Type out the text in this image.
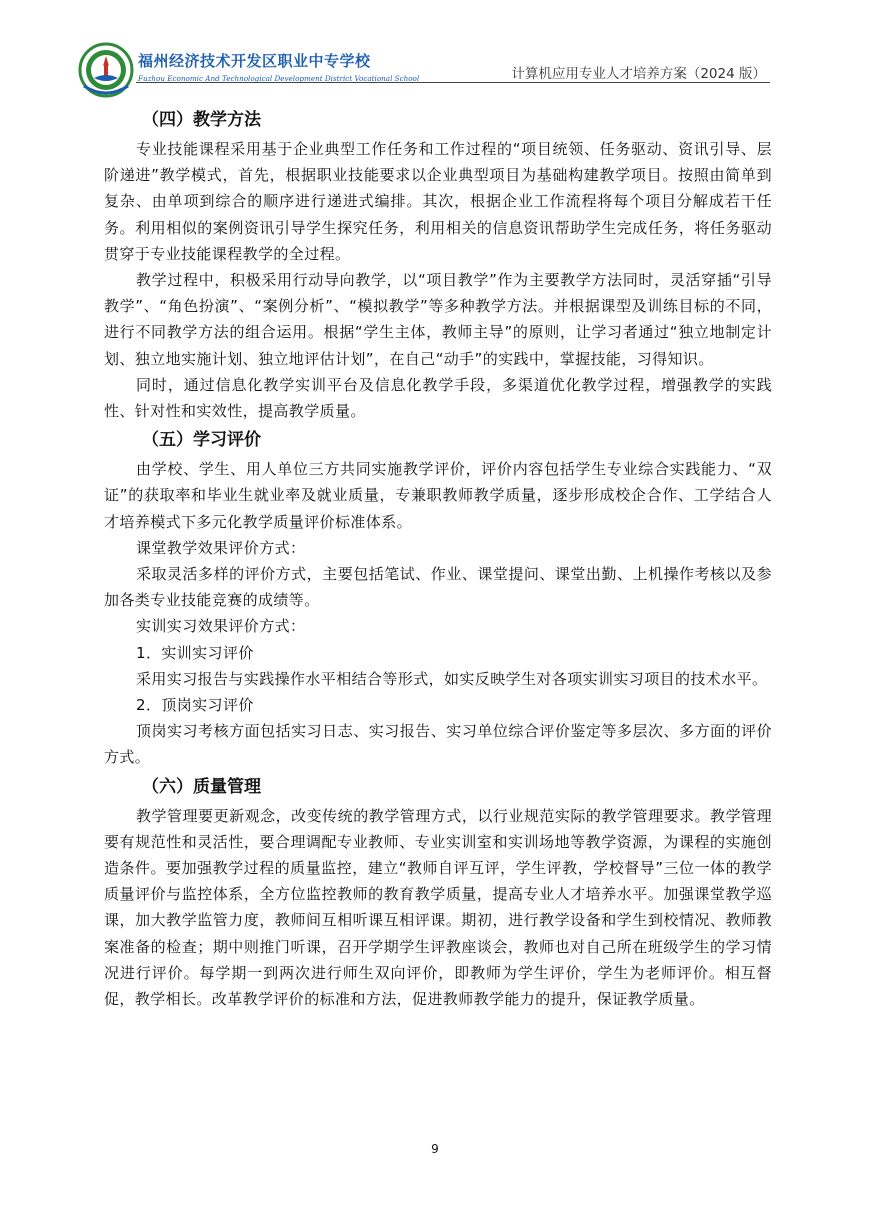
福州经济技术开发区职业中专学校
Fuzhou Economic And Technological Development District Vocational School	计算机应用专业人才培养方案（2024 版）
（四）教学方法

专业技能课程采用基于企业典型工作任务和工作过程的“项目统领、任务驱动、资讯引导、层阶递进”教学模式，首先，根据职业技能要求以企业典型项目为基础构建教学项目。按照由简单到复杂、由单项到综合的顺序进行递进式编排。其次，根据企业工作流程将每个项目分解成若干任务。利用相似的案例资讯引导学生探究任务，利用相关的信息资讯帮助学生完成任务，将任务驱动贯穿于专业技能课程教学的全过程。

教学过程中，积极采用行动导向教学，以“项目教学”作为主要教学方法同时，灵活穿插“引导教学”、“角色扮演”、“案例分析”、“模拟教学”等多种教学方法。并根据课型及训练目标的不同，进行不同教学方法的组合运用。根据“学生主体，教师主导”的原则，让学习者通过“独立地制定计划、独立地实施计划、独立地评估计划”，在自己“动手”的实践中，掌握技能，习得知识。

同时，通过信息化教学实训平台及信息化教学手段，多渠道优化教学过程，增强教学的实践性、针对性和实效性，提高教学质量。

（五）学习评价

由学校、学生、用人单位三方共同实施教学评价，评价内容包括学生专业综合实践能力、“双证”的获取率和毕业生就业率及就业质量，专兼职教师教学质量，逐步形成校企合作、工学结合人才培养模式下多元化教学质量评价标准体系。

课堂教学效果评价方式：

采取灵活多样的评价方式，主要包括笔试、作业、课堂提问、课堂出勤、上机操作考核以及参加各类专业技能竞赛的成绩等。

实训实习效果评价方式：

1．实训实习评价

采用实习报告与实践操作水平相结合等形式，如实反映学生对各项实训实习项目的技术水平。

2．顶岗实习评价

顶岗实习考核方面包括实习日志、实习报告、实习单位综合评价鉴定等多层次、多方面的评价方式。

（六）质量管理

教学管理要更新观念，改变传统的教学管理方式，以行业规范实际的教学管理要求。教学管理要有规范性和灵活性，要合理调配专业教师、专业实训室和实训场地等教学资源，为课程的实施创造条件。要加强教学过程的质量监控，建立“教师自评互评，学生评教，学校督导”三位一体的教学质量评价与监控体系，全方位监控教师的教育教学质量，提高专业人才培养水平。加强课堂教学巡课，加大教学监管力度，教师间互相听课互相评课。期初，进行教学设备和学生到校情况、教师教案准备的检查；期中则推门听课，召开学期学生评教座谈会，教师也对自己所在班级学生的学习情况进行评价。每学期一到两次进行师生双向评价，即教师为学生评价，学生为老师评价。相互督促，教学相长。改革教学评价的标准和方法，促进教师教学能力的提升，保证教学质量。

9
